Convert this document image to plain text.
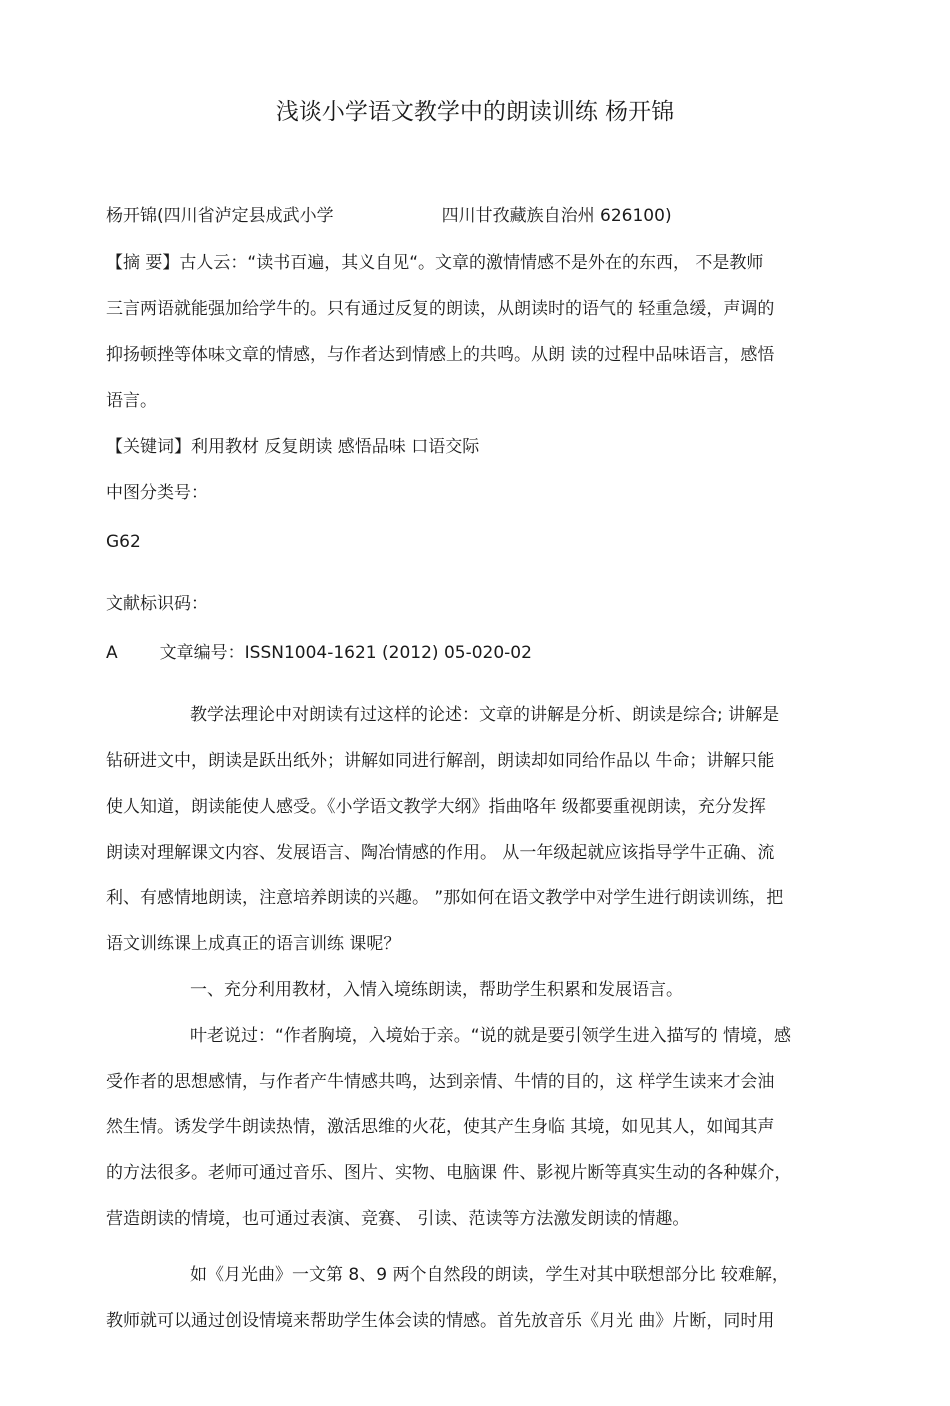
浅谈小学语文教学中的朗读训练 杨开锦
杨开锦(四川省泸定县成武小学	四川甘孜藏族自治州 626100)
【摘 要】古人云：“读书百遍，其义自见“。文章的激情情感不是外在的东西， 不是教师
三言两语就能强加给学牛的。只有通过反复的朗读，从朗读时的语气的 轻重急缓，声调的
抑扬顿挫等体味文章的情感，与作者达到情感上的共鸣。从朗 读的过程中品味语言，感悟
语言。
【关键词】利用教材 反复朗读 感悟品味 口语交际
中图分类号：
G62
文献标识码：
A 文章编号：ISSN1004-1621 (2012) 05-020-02
教学法理论中对朗读有过这样的论述：文章的讲解是分析、朗读是综合; 讲解是
钻研进文中，朗读是跃出纸外；讲解如同进行解剖，朗读却如同给作品以 牛命；讲解只能
使人知道，朗读能使人感受。《小学语文教学大纲》指曲咯年 级都要重视朗读，充分发挥
朗读对理解课文内容、发展语言、陶冶情感的作用。 从一年级起就应该指导学牛正确、流
利、有感情地朗读，注意培养朗读的兴趣。 ”那如何在语文教学中对学生进行朗读训练，把
语文训练课上成真正的语言训练 课呢？
一、充分利用教材，入情入境练朗读，帮助学生积累和发展语言。
叶老说过：“作者胸境，入境始于亲。“说的就是要引领学生进入描写的 情境，感
受作者的思想感情，与作者产牛情感共鸣，达到亲情、牛情的目的，这 样学生读来才会油
然生情。诱发学牛朗读热情，激活思维的火花，使其产生身临 其境，如见其人，如闻其声
的方法很多。老师可通过音乐、图片、实物、电脑课 件、影视片断等真实生动的各种媒介，
营造朗读的情境，也可通过表演、竞赛、 引读、范读等方法激发朗读的情趣。
如《月光曲》一文第 8、9 两个自然段的朗读，学生对其中联想部分比 较难解，
教师就可以通过创设情境来帮助学生体会读的情感。首先放音乐《月光 曲》片断，同时用
